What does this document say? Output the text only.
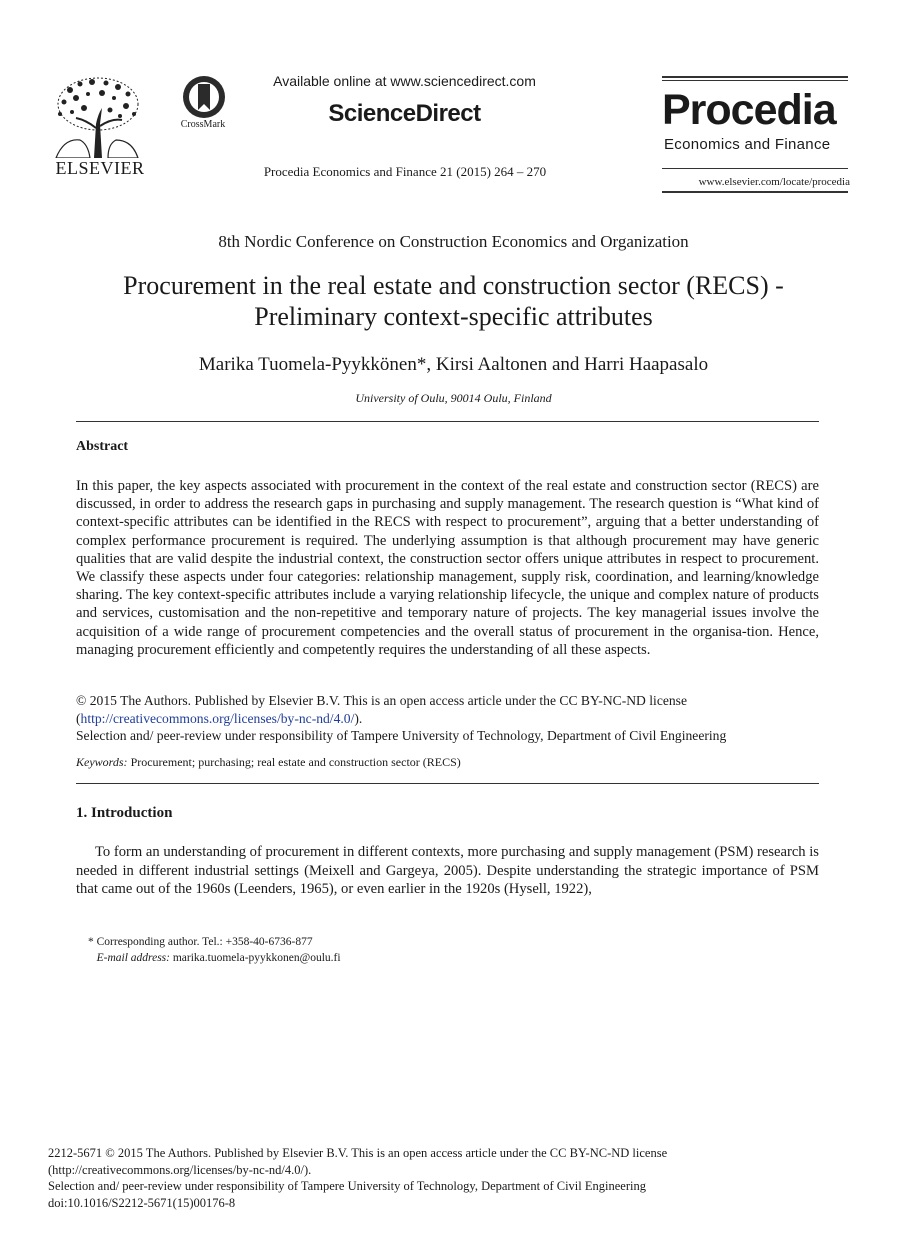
ELSEVIER
CrossMark
Available online at www.sciencedirect.com
ScienceDirect
Procedia Economics and Finance 21 (2015) 264 – 270
Procedia
Economics and Finance
www.elsevier.com/locate/procedia
8th Nordic Conference on Construction Economics and Organization
Procurement in the real estate and construction sector (RECS) -
Preliminary context-specific attributes
Marika Tuomela-Pyykkönen*, Kirsi Aaltonen and Harri Haapasalo
University of Oulu, 90014 Oulu, Finland
Abstract
In this paper, the key aspects associated with procurement in the context of the real estate and construction sector (RECS) are discussed, in order to address the research gaps in purchasing and supply management. The research question is “What kind of context-specific attributes can be identified in the RECS with respect to procurement”, arguing that a better understanding of complex performance procurement is required. The underlying assumption is that although procurement may have generic qualities that are valid despite the industrial context, the construction sector offers unique attributes in respect to procurement. We classify these aspects under four categories: relationship management, supply risk, coordination, and learning/knowledge sharing. The key context-specific attributes include a varying relationship lifecycle, the unique and complex nature of products and services, customisation and the non-repetitive and temporary nature of projects. The key managerial issues involve the acquisition of a wide range of procurement competencies and the overall status of procurement in the organisa-tion. Hence, managing procurement efficiently and competently requires the understanding of all these aspects.
© 2015 The Authors. Published by Elsevier B.V. This is an open access article under the CC BY-NC-ND license
(http://creativecommons.org/licenses/by-nc-nd/4.0/).
Selection and/ peer-review under responsibility of Tampere University of Technology, Department of Civil Engineering
Keywords: Procurement; purchasing; real estate and construction sector (RECS)
1. Introduction
To form an understanding of procurement in different contexts, more purchasing and supply management (PSM) research is needed in different industrial settings (Meixell and Gargeya, 2005). Despite understanding the strategic importance of PSM that came out of the 1960s (Leenders, 1965), or even earlier in the 1920s (Hysell, 1922),
* Corresponding author. Tel.: +358-40-6736-877
E-mail address: marika.tuomela-pyykkonen@oulu.fi
2212-5671 © 2015 The Authors. Published by Elsevier B.V. This is an open access article under the CC BY-NC-ND license
(http://creativecommons.org/licenses/by-nc-nd/4.0/).
Selection and/ peer-review under responsibility of Tampere University of Technology, Department of Civil Engineering
doi:10.1016/S2212-5671(15)00176-8
